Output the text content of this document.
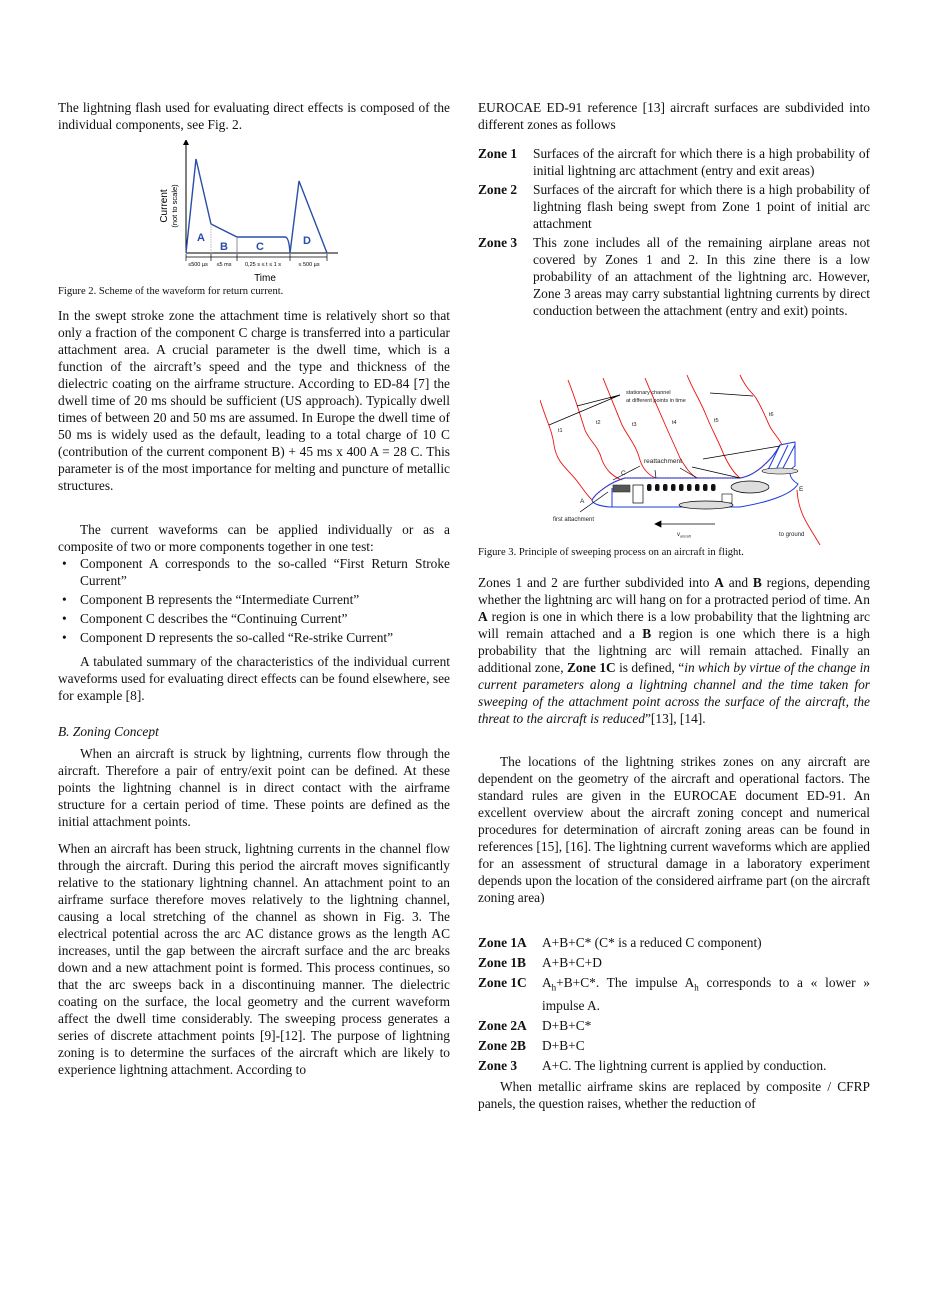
The lightning flash used for evaluating direct effects is composed of the individual components, see Fig. 2.

A
B	C	D
≤500 µs ≤5 ms 0,25 s ≤ t ≤ 1 s	≤ 500 µs
Time
Current (not to scale)

Figure 2. Scheme of the waveform for return current.

In the swept stroke zone the attachment time is relatively short so that only a fraction of the component C charge is transferred into a particular attachment area. A crucial parameter is the dwell time, which is a function of the aircraft’s speed and the type and thickness of the dielectric coating on the airframe structure. According to ED-84 [7] the dwell time of 20 ms should be sufficient (US approach). Typically dwell times of between 20 and 50 ms are assumed. In Europe the dwell time of 50 ms is widely used as the default, leading to a total charge of 10 C (contribution of the current component B) + 45 ms x 400 A = 28 C. This parameter is of the most importance for melting and puncture of metallic structures.

The current waveforms can be applied individually or as a composite of two or more components together in one test:

• Component A corresponds to the so-called “First Return Stroke Current”
• Component B represents the “Intermediate Current”
• Component C describes the “Continuing Current”
• Component D represents the so-called “Re-strike Current”

A tabulated summary of the characteristics of the individual current waveforms used for evaluating direct effects can be found elsewhere, see for example [8].

B. Zoning Concept

When an aircraft is struck by lightning, currents flow through the aircraft. Therefore a pair of entry/exit point can be defined. At these points the lightning channel is in direct contact with the airframe structure for a certain period of time. These points are defined as the initial attachment points.

When an aircraft has been struck, lightning currents in the channel flow through the aircraft. During this period the aircraft moves significantly relative to the stationary lightning channel. An attachment point to an airframe surface therefore moves relatively to the lightning channel, causing a local stretching of the channel as shown in Fig. 3. The electrical potential across the arc AC distance grows as the length AC increases, until the gap between the aircraft surface and the arc breaks down and a new attachment point is formed. This process continues, so that the arc sweeps back in a discontinuing manner. The dielectric coating on the surface, the local geometry and the current waveform affect the dwell time considerably. The sweeping process generates a series of discrete attachment points [9]-[12]. The purpose of lightning zoning is to determine the surfaces of the aircraft which are likely to experience lightning attachment. According to

EUROCAE ED-91 reference [13] aircraft surfaces are subdivided into different zones as follows

Zone 1	Surfaces of the aircraft for which there is a high probability of initial lightning arc attachment (entry and exit areas)
Zone 2	Surfaces of the aircraft for which there is a high probability of lightning flash being swept from Zone 1 point of initial arc attachment
Zone 3	This zone includes all of the remaining airplane areas not covered by Zones 1 and 2. In this zine there is a low probability of an attachment of the lightning arc. However, Zone 3 areas may carry substantial lightning currents by direct conduction between the attachment (entry and exit) points.
stationary channel
at different points in time
t1
t2	t3	t4	t5
t6
reattachment
C
A
E
first attachment
$v_{aircraft}$	to ground

Figure 3. Principle of sweeping process on an aircraft in flight.

Zones 1 and 2 are further subdivided into A and B regions, depending whether the lightning arc will hang on for a protracted period of time. An A region is one in which there is a low probability that the lightning arc will remain attached and a B region is one which there is a high probability that the lightning arc will remain attached. Finally an additional zone, Zone 1C is defined, “in which by virtue of the change in current parameters along a lightning channel and the time taken for sweeping of the attachment point across the surface of the aircraft, the threat to the aircraft is reduced”[13], [14].

The locations of the lightning strikes zones on any aircraft are dependent on the geometry of the aircraft and operational factors. The standard rules are given in the EUROCAE document ED-91. An excellent overview about the aircraft zoning concept and numerical procedures for determination of aircraft zoning areas can be found in references [15], [16]. The lightning current waveforms which are applied for an assessment of structural damage in a laboratory experiment depends upon the location of the considered airframe part (on the aircraft zoning area)

Zone 1A	A+B+C* (C* is a reduced C component)
Zone 1B	A+B+C+D
Zone 1C	$A_h+B+C*$. The impulse $A_h$ corresponds to a « lower » impulse A.
Zone 2A	D+B+C*
Zone 2B	D+B+C
Zone 3	A+C. The lightning current is applied by conduction.

When metallic airframe skins are replaced by composite / CFRP panels, the question raises, whether the reduction of
